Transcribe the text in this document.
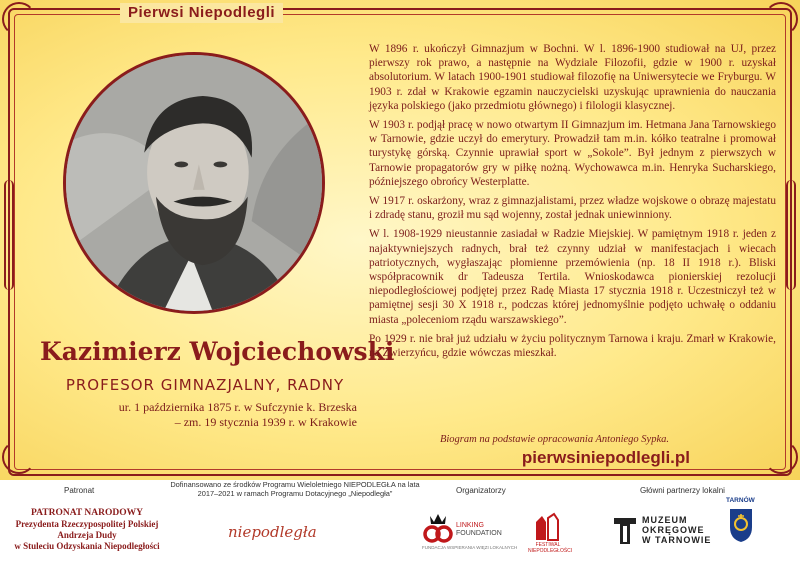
Pierwsi Niepodlegli
Kazimierz Wojciechowski
PROFESOR GIMNAZJALNY, RADNY
ur. 1 października 1875 r. w Sufczynie k. Brzeska
– zm. 19 stycznia 1939 r. w Krakowie

W 1896 r. ukończył Gimnazjum w Bochni. W l. 1896-1900 studiował na UJ, przez pierwszy rok prawo, a następnie na Wydziale Filozofii, gdzie w 1900 r. uzyskał absolutorium. W latach 1900-1901 studiował filozofię na Uniwersytecie we Fryburgu. W 1903 r. zdał w Krakowie egzamin nauczycielski uzyskując uprawnienia do nauczania języka polskiego (jako przedmiotu głównego) i filologii klasycznej.

W 1903 r. podjął pracę w nowo otwartym II Gimnazjum im. Hetmana Jana Tarnowskiego w Tarnowie, gdzie uczył do emerytury. Prowadził tam m.in. kółko teatralne i promował turystykę górską. Czynnie uprawiał sport w „Sokole”. Był jednym z pierwszych w Tarnowie propagatorów gry w piłkę nożną. Wychowawca m.in. Henryka Sucharskiego, późniejszego obrońcy Westerplatte.

W 1917 r. oskarżony, wraz z gimnazjalistami, przez władze wojskowe o obrazę majestatu i zdradę stanu, groził mu sąd wojenny, został jednak uniewinniony.

W l. 1908-1929 nieustannie zasiadał w Radzie Miejskiej. W pamiętnym 1918 r. jeden z najaktywniejszych radnych, brał też czynny udział w manifestacjach i wiecach patriotycznych, wygłaszając płomienne przemówienia (np. 18 II 1918 r.). Bliski współpracownik dr Tadeusza Tertila. Wnioskodawca pionierskiej rezolucji niepodległościowej podjętej przez Radę Miasta 17 stycznia 1918 r. Uczestniczył też w pamiętnej sesji 30 X 1918 r., podczas której jednomyślnie podjęto uchwałę o oddaniu miasta „poleceniom rządu warszawskiego”.

Po 1929 r. nie brał już udziału w życiu politycznym Tarnowa i kraju. Zmarł w Krakowie, na Zwierzyńcu, gdzie wówczas mieszkał.

Biogram na podstawie opracowania Antoniego Sypka.
pierwsiniepodlegli.pl
Patronat
Dofinansowano ze środków Programu Wieloletniego NIEPODLEGŁA na lata 2017–2021 w ramach Programu Dotacyjnego „Niepodległa”	Organizatorzy	Główni partnerzy lokalni
PATRONAT NARODOWY
Prezydenta Rzeczypospolitej Polskiej
Andrzeja Dudy
w Stuleciu Odzyskania Niepodległości
niepodległa	LINKING
FOUNDATION
FUNDACJA WSPIERANIA WIĘZI LOKALNYCH	FESTIWAL
NIEPODLEGŁOŚCI
MUZEUM
OKRĘGOWE
W TARNOWIE
TARNÓW
